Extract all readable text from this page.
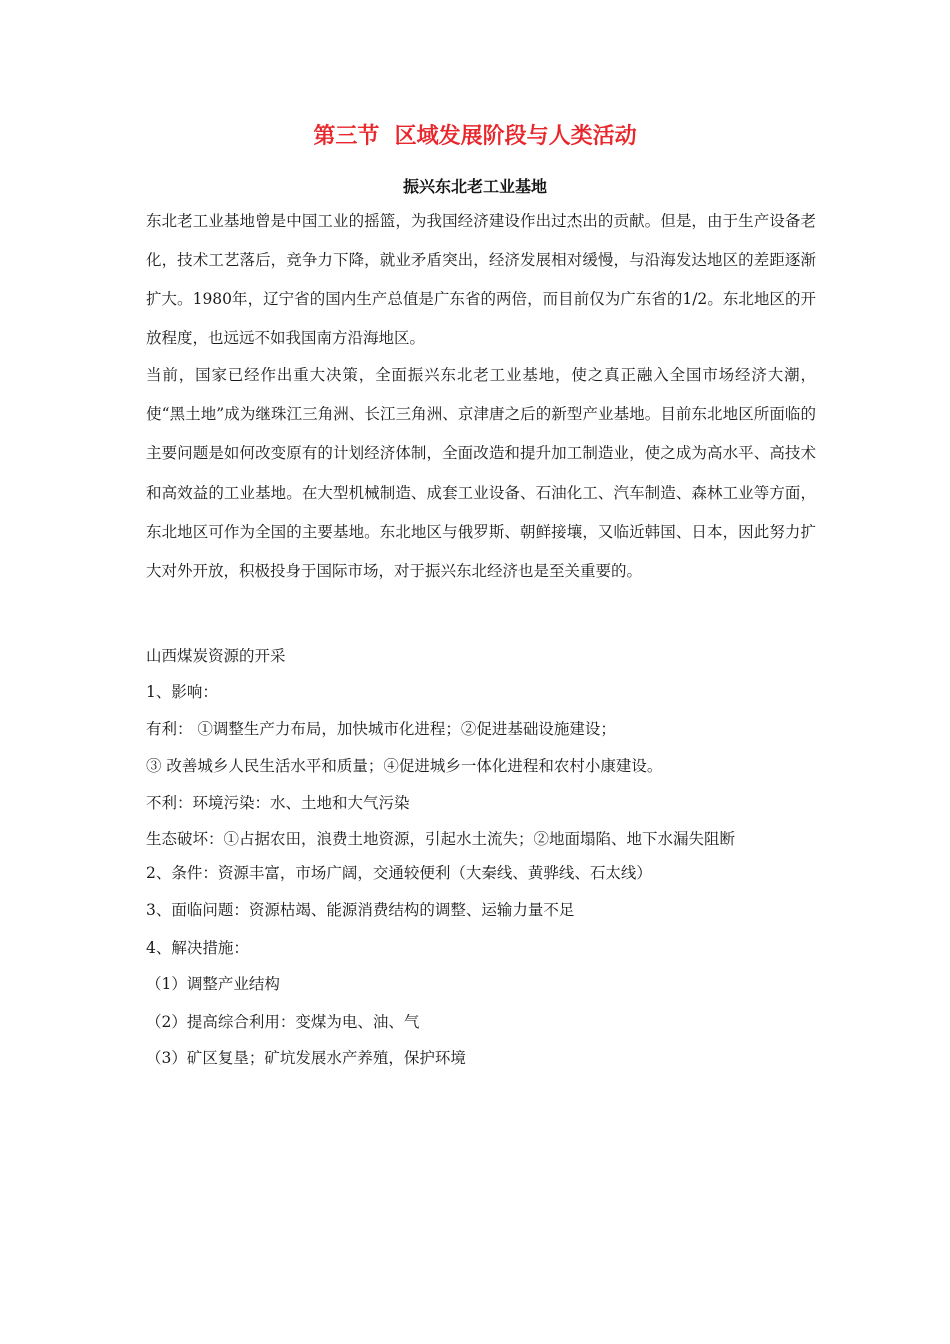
第三节  区域发展阶段与人类活动
振兴东北老工业基地

东北老工业基地曾是中国工业的摇篮，为我国经济建设作出过杰出的贡献。但是，由于生产设备老化，技术工艺落后，竞争力下降，就业矛盾突出，经济发展相对缓慢，与沿海发达地区的差距逐渐扩大。1980年，辽宁省的国内生产总值是广东省的两倍，而目前仅为广东省的1/2。东北地区的开放程度，也远远不如我国南方沿海地区。

当前，国家已经作出重大决策，全面振兴东北老工业基地，使之真正融入全国市场经济大潮，使“黑土地”成为继珠江三角洲、长江三角洲、京津唐之后的新型产业基地。目前东北地区所面临的主要问题是如何改变原有的计划经济体制，全面改造和提升加工制造业，使之成为高水平、高技术和高效益的工业基地。在大型机械制造、成套工业设备、石油化工、汽车制造、森林工业等方面，东北地区可作为全国的主要基地。东北地区与俄罗斯、朝鲜接壤，又临近韩国、日本，因此努力扩大对外开放，积极投身于国际市场，对于振兴东北经济也是至关重要的。

山西煤炭资源的开采
1、影响：
有利： ①调整生产力布局，加快城市化进程；②促进基础设施建设；
③ 改善城乡人民生活水平和质量；④促进城乡一体化进程和农村小康建设。
不利：环境污染：水、土地和大气污染
生态破坏：①占据农田，浪费土地资源，引起水土流失；②地面塌陷、地下水漏失阻断
2、条件：资源丰富，市场广阔，交通较便利（大秦线、黄骅线、石太线）
3、面临问题：资源枯竭、能源消费结构的调整、运输力量不足
4、解决措施：
（1）调整产业结构
（2）提高综合利用：变煤为电、油、气
（3）矿区复垦；矿坑发展水产养殖，保护环境
